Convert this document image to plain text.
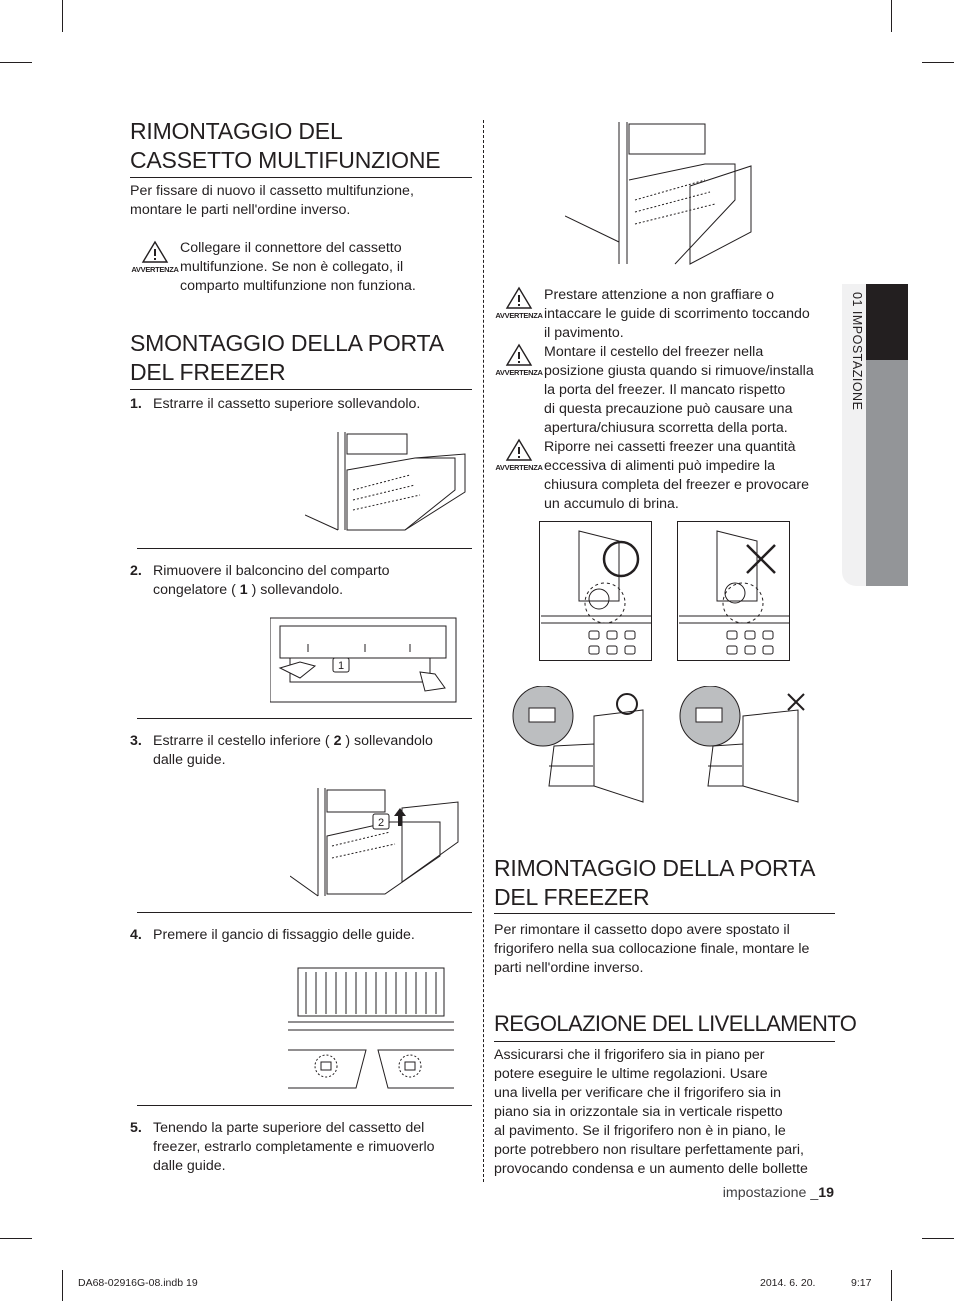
01 IMPOSTAZIONE
RIMONTAGGIO DEL
CASSETTO MULTIFUNZIONE
Per fissare di nuovo il cassetto multifunzione,
montare le parti nell'ordine inverso.
AVVERTENZA
Collegare il connettore del cassetto
multifunzione. Se non è collegato, il
comparto multifunzione non funziona.
SMONTAGGIO DELLA PORTA
DEL FREEZER
1. Estrarre il cassetto superiore sollevandolo.
2. Rimuovere il balconcino del comparto
congelatore ( 1 ) sollevandolo.
1
3. Estrarre il cestello inferiore ( 2 ) sollevandolo
dalle guide.
2
4. Premere il gancio di fissaggio delle guide.
5. Tenendo la parte superiore del cassetto del
freezer, estrarlo completamente e rimuoverlo
dalle guide.
AVVERTENZA
Prestare attenzione a non graffiare o
intaccare le guide di scorrimento toccando
il pavimento.
AVVERTENZA
Montare il cestello del freezer nella
posizione giusta quando si rimuove/installa
la porta del freezer. Il mancato rispetto
di questa precauzione può causare una
apertura/chiusura scorretta della porta.
AVVERTENZA
Riporre nei cassetti freezer una quantità
eccessiva di alimenti può impedire la
chiusura completa del freezer e provocare
un accumulo di brina.
RIMONTAGGIO DELLA PORTA
DEL FREEZER
Per rimontare il cassetto dopo avere spostato il
frigorifero nella sua collocazione finale, montare le
parti nell'ordine inverso.
REGOLAZIONE DEL LIVELLAMENTO
Assicurarsi che il frigorifero sia in piano per
potere eseguire le ultime regolazioni. Usare
una livella per verificare che il frigorifero sia in
piano sia in orizzontale sia in verticale rispetto
al pavimento. Se il frigorifero non è in piano, le
porte potrebbero non risultare perfettamente pari,
provocando condensa e un aumento delle bollette
impostazione _19
DA68-02916G-08.indb 19	2014. 6. 20.	9:17
